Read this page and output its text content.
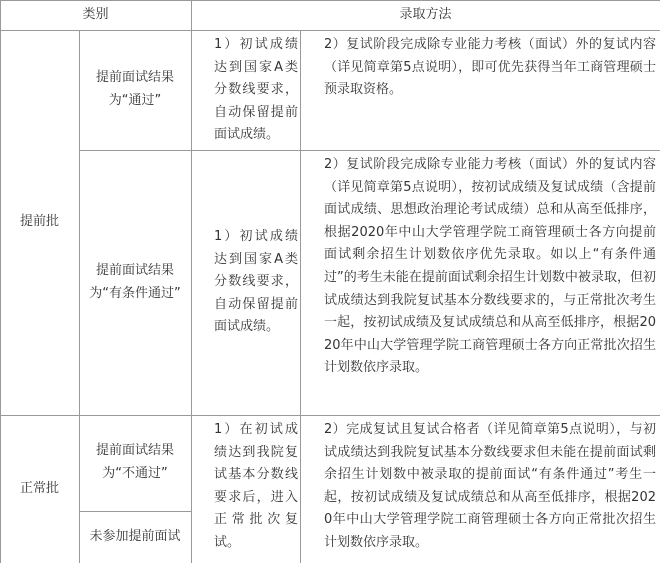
类别	录取方法
提前批
提前面试结果
为“通过”
1）初试成绩达到国家A类分数线要求，自动保留提前面试成绩。
2）复试阶段完成除专业能力考核（面试）外的复试内容（详见简章第5点说明），即可优先获得当年工商管理硕士预录取资格。
提前面试结果
为“有条件通过”
1）初试成绩达到国家A类分数线要求，自动保留提前面试成绩。
2）复试阶段完成除专业能力考核（面试）外的复试内容（详见简章第5点说明），按初试成绩及复试成绩（含提前面试成绩、思想政治理论考试成绩）总和从高至低排序，根据2020年中山大学管理学院工商管理硕士各方向提前面试剩余招生计划数依序优先录取。如以上“有条件通过”的考生未能在提前面试剩余招生计划数中被录取，但初试成绩达到我院复试基本分数线要求的，与正常批次考生一起，按初试成绩及复试成绩总和从高至低排序，根据2020年中山大学管理学院工商管理硕士各方向正常批次招生计划数依序录取。
正常批
提前面试结果
为“不通过”
未参加提前面试
1）在初试成绩达到我院复试基本分数线要求后，进入正常批次复试。
2）完成复试且复试合格者（详见简章第5点说明），与初试成绩达到我院复试基本分数线要求但未能在提前面试剩余招生计划数中被录取的提前面试“有条件通过”考生一起，按初试成绩及复试成绩总和从高至低排序，根据2020年中山大学管理学院工商管理硕士各方向正常批次招生计划数依序录取。
